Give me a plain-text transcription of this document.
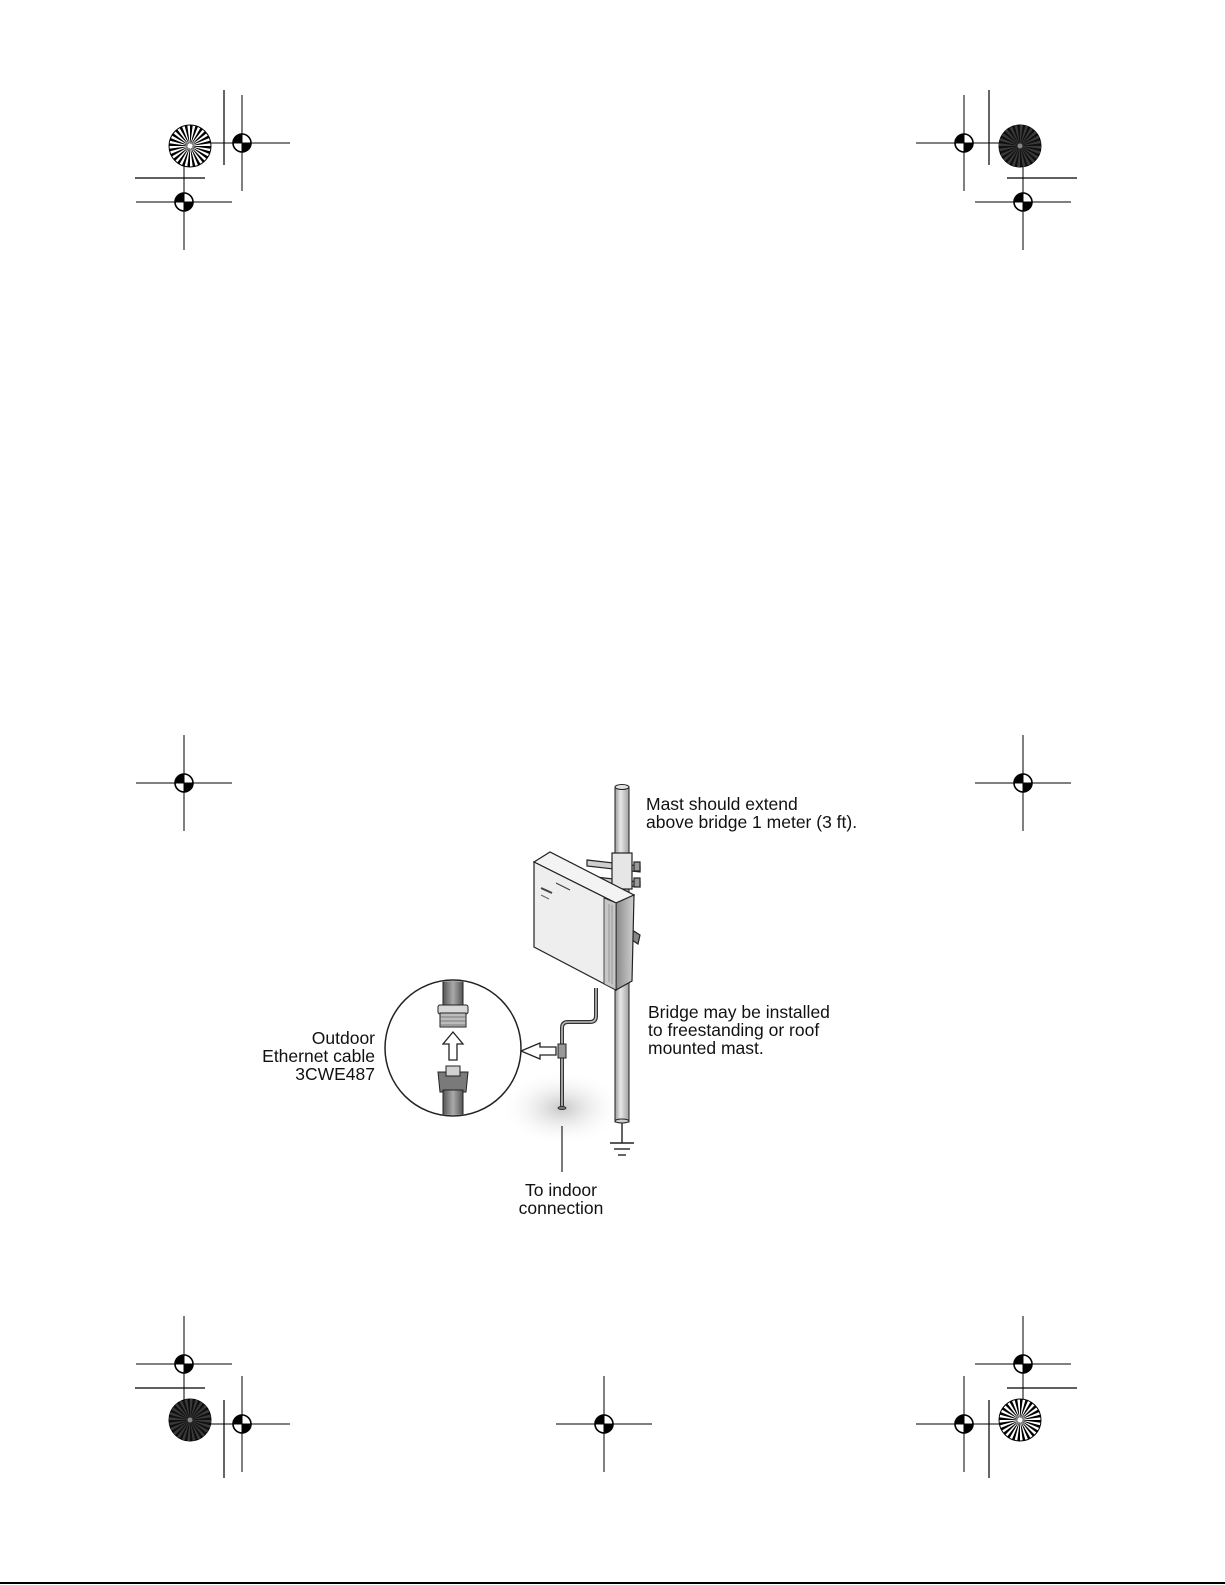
Mast should extend
above bridge 1 meter (3 ft).
Bridge may be installed
to freestanding or roof
mounted mast.
Outdoor
Ethernet cable
3CWE487
To indoor
connection
